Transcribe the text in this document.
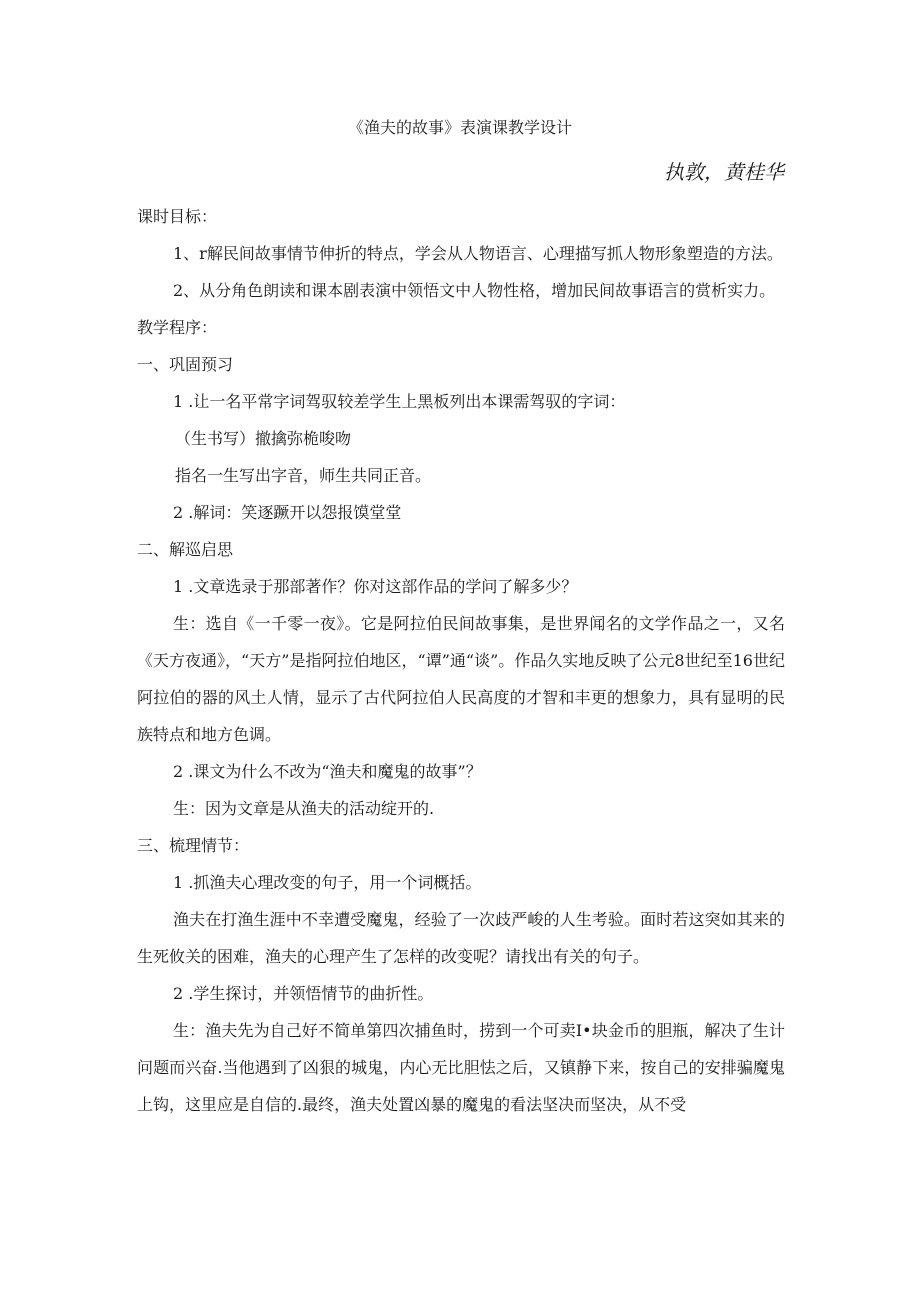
《渔夫的故事》表演课教学设计
执敦，黄桂华

课时目标：

1、r解民间故事情节伸折的特点，学会从人物语言、心理描写抓人物形象塑造的方法。

2、从分角色朗读和课本剧表演中领悟文中人物性格，增加民间故事语言的赏析实力。

教学程序：

一、巩固预习

1 .让一名平常字词驾驭较差学生上黑板列出本课需驾驭的字词：

（生书写）撤擒弥桅唆吻

指名一生写出字音，师生共同正音。

2 .解词：笑逐蹶开以怨报馍堂堂

二、解巡启思

1 .文章选录于那部著作？你对这部作品的学问了解多少？

生：选自《一千零一夜》。它是阿拉伯民间故事集，是世界闻名的文学作品之一，又名《天方夜通》，“天方”是指阿拉伯地区，“谭”通“谈”。作品久实地反映了公元8世纪至16世纪阿拉伯的器的风土人情，显示了古代阿拉伯人民高度的才智和丰更的想象力，具有显明的民族特点和地方色调。

2 .课文为什么不改为“渔夫和魔鬼的故事”？

生：因为文章是从渔夫的活动绽开的.

三、梳理情节：

1 .抓渔夫心理改变的句子，用一个词概括。

渔夫在打渔生涯中不幸遭受魔鬼，经验了一次歧严峻的人生考验。面时若这突如其来的生死攸关的困难，渔夫的心理产生了怎样的改变呢？请找出有关的句子。

2 .学生探讨，并领悟情节的曲折性。

生：渔夫先为自己好不简单第四次捕鱼时，捞到一个可卖I•块金币的胆瓶，解决了生计问题而兴奋.当他遇到了凶狠的城鬼，内心无比胆怯之后，又镇静下来，按自己的安排骗魔鬼上钩，这里应是自信的.最终，渔夫处置凶暴的魔鬼的看法坚决而坚决，从不受
